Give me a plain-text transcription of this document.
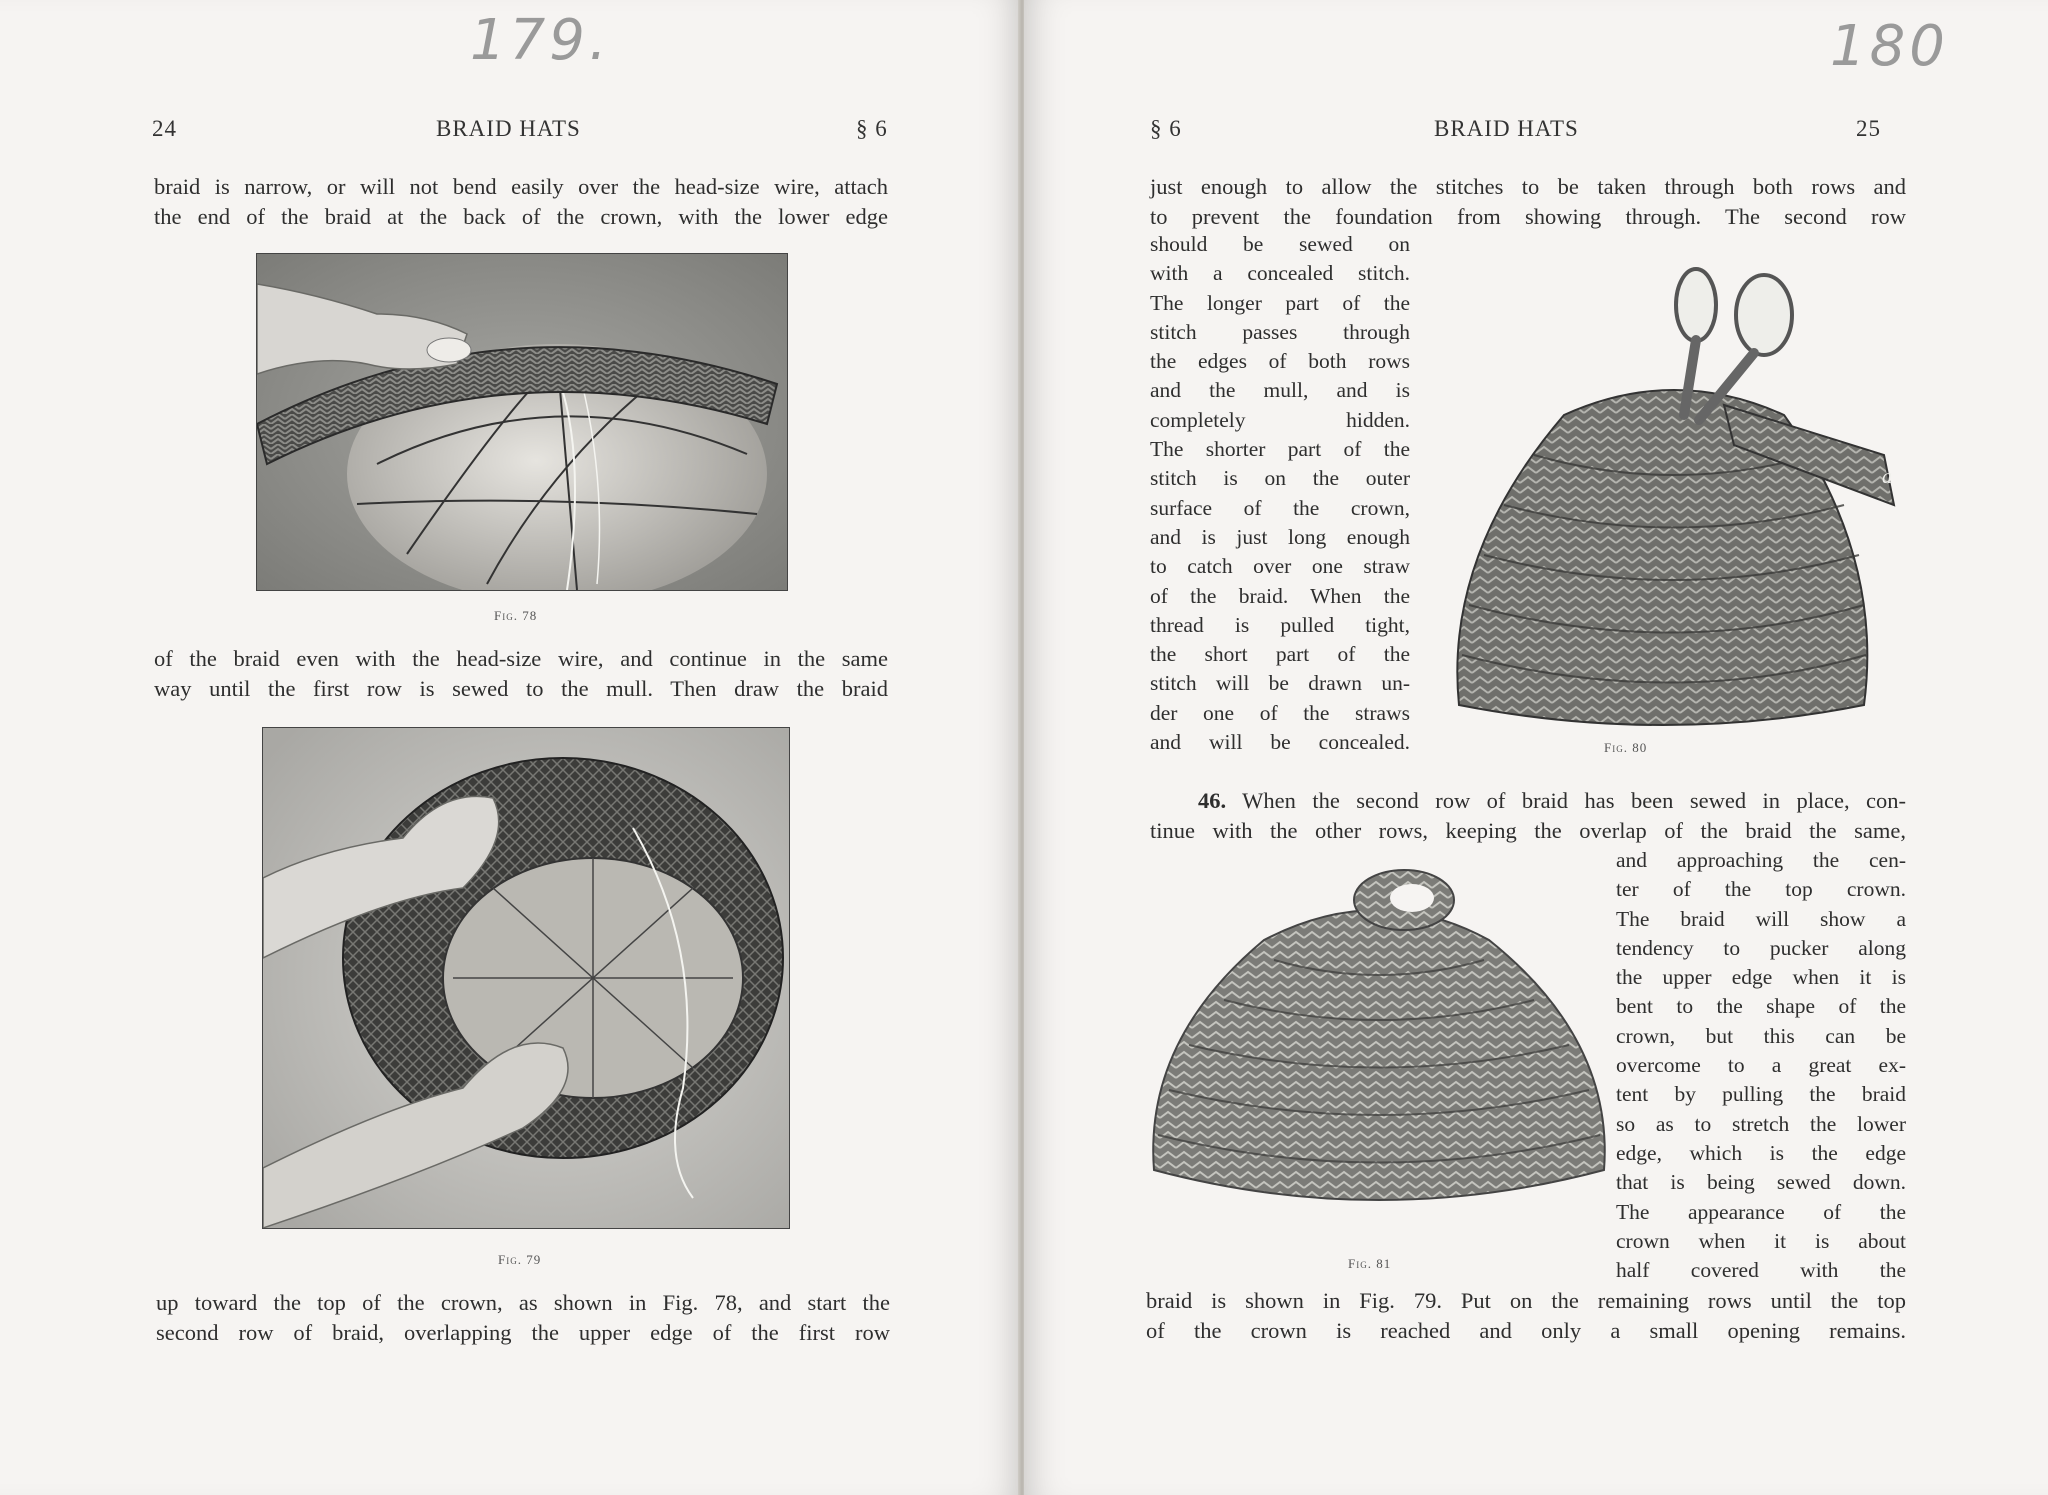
179.
24	BRAID HATS	§ 6

braid is narrow, or will not bend easily over the head-size wire, attach
the end of the braid at the back of the crown, with the lower edge

Fig. 78

of the braid even with the head-size wire, and continue in the same
way until the first row is sewed to the mull. Then draw the braid

Fig. 79

up toward the top of the crown, as shown in Fig. 78, and start the
second row of braid, overlapping the upper edge of the first row

180
§ 6	BRAID HATS	25

just enough to allow the stitches to be taken through both rows and
to prevent the foundation from showing through. The second row

should be sewed on
with a concealed stitch.
The longer part of the
stitch passes through
the edges of both rows
and the mull, and is
completely hidden.
The shorter part of the
stitch is on the outer
surface of the crown,
and is just long enough
to catch over one straw
of the braid. When the
thread is pulled tight,
the short part of the
stitch will be drawn un-
der one of the straws
and will be concealed.
a
Fig. 80

46. When the second row of braid has been sewed in place, con-
tinue with the other rows, keeping the overlap of the braid the same,

and approaching the cen-
ter of the top crown.
The braid will show a
tendency to pucker along
the upper edge when it is
bent to the shape of the
crown, but this can be
overcome to a great ex-
tent by pulling the braid
so as to stretch the lower
edge, which is the edge
that is being sewed down.
The appearance of the
crown when it is about
half covered with the
Fig. 81

braid is shown in Fig. 79. Put on the remaining rows until the top
of the crown is reached and only a small opening remains.
